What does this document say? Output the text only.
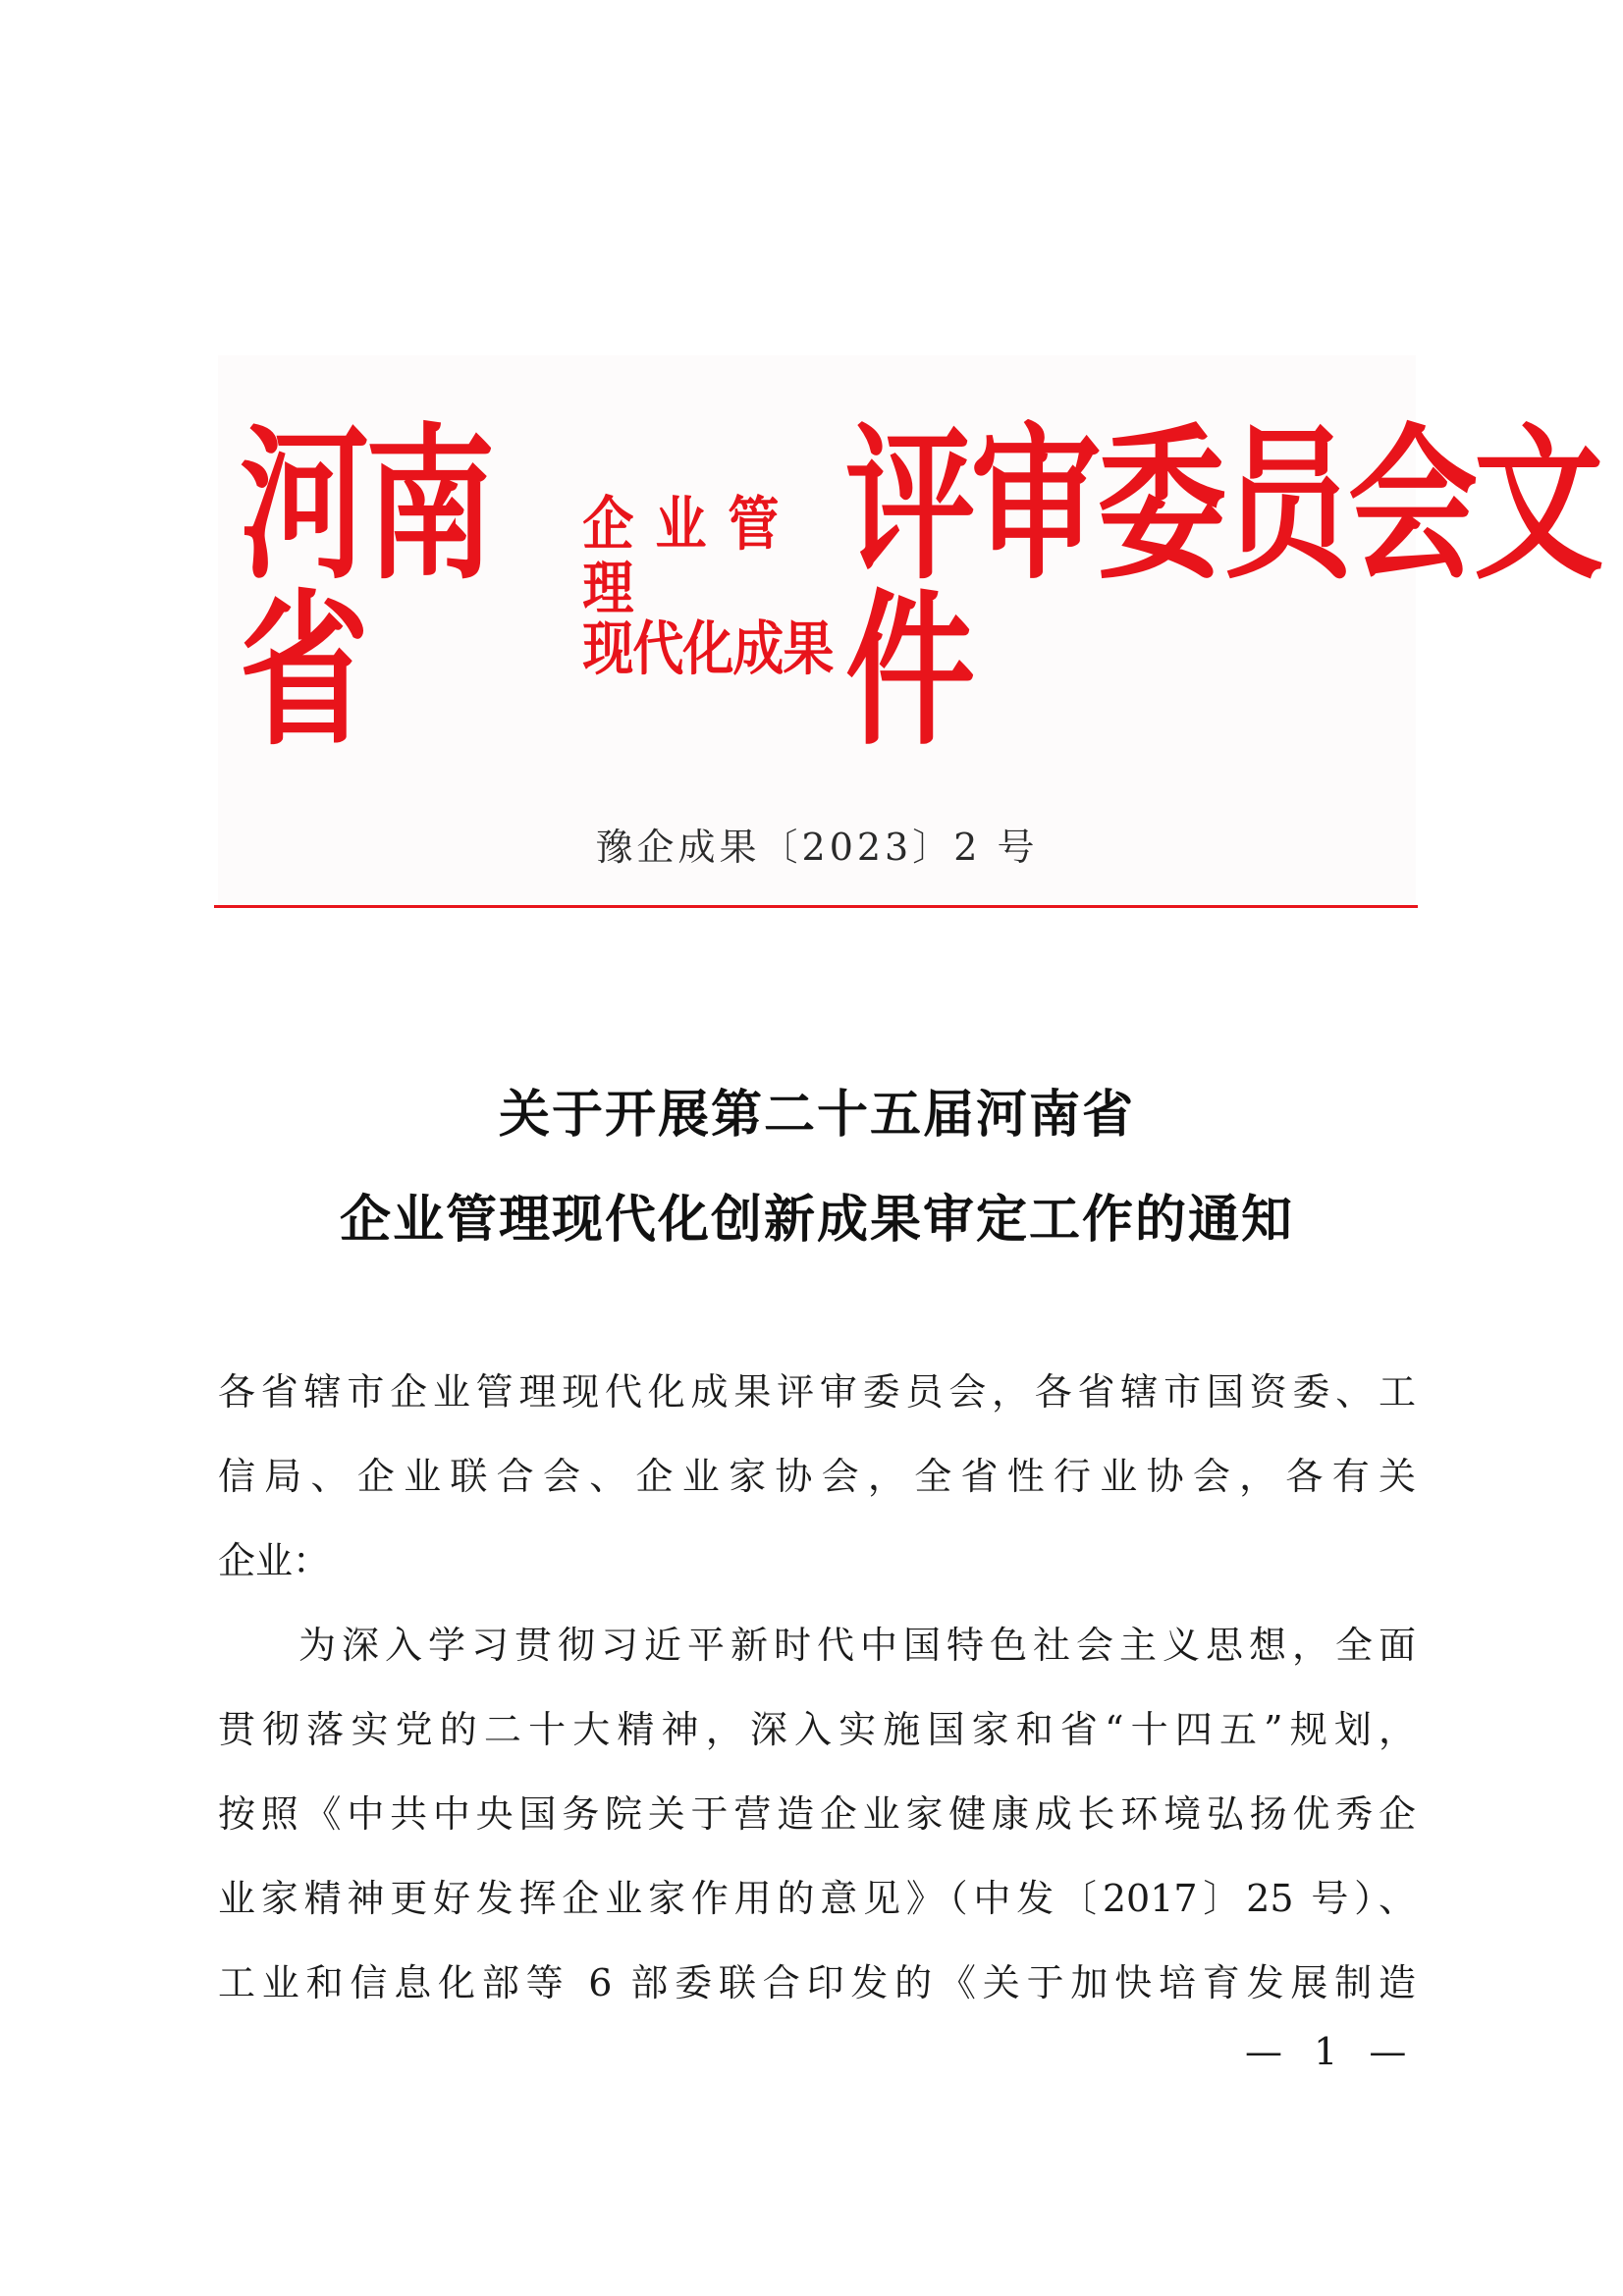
河南省
企业管理
现代化成果
评审委员会文件
豫企成果〔2023〕2 号
关于开展第二十五届河南省
企业管理现代化创新成果审定工作的通知
各省辖市企业管理现代化成果评审委员会，各省辖市国资委、工
信局、企业联合会、企业家协会，全省性行业协会，各有关
企业：
为深入学习贯彻习近平新时代中国特色社会主义思想，全面
贯彻落实党的二十大精神，深入实施国家和省“十四五”规划，
按照《中共中央国务院关于营造企业家健康成长环境弘扬优秀企
业家精神更好发挥企业家作用的意见》（中发〔2017〕25 号）、
工业和信息化部等 6 部委联合印发的《关于加快培育发展制造
— 1 —
